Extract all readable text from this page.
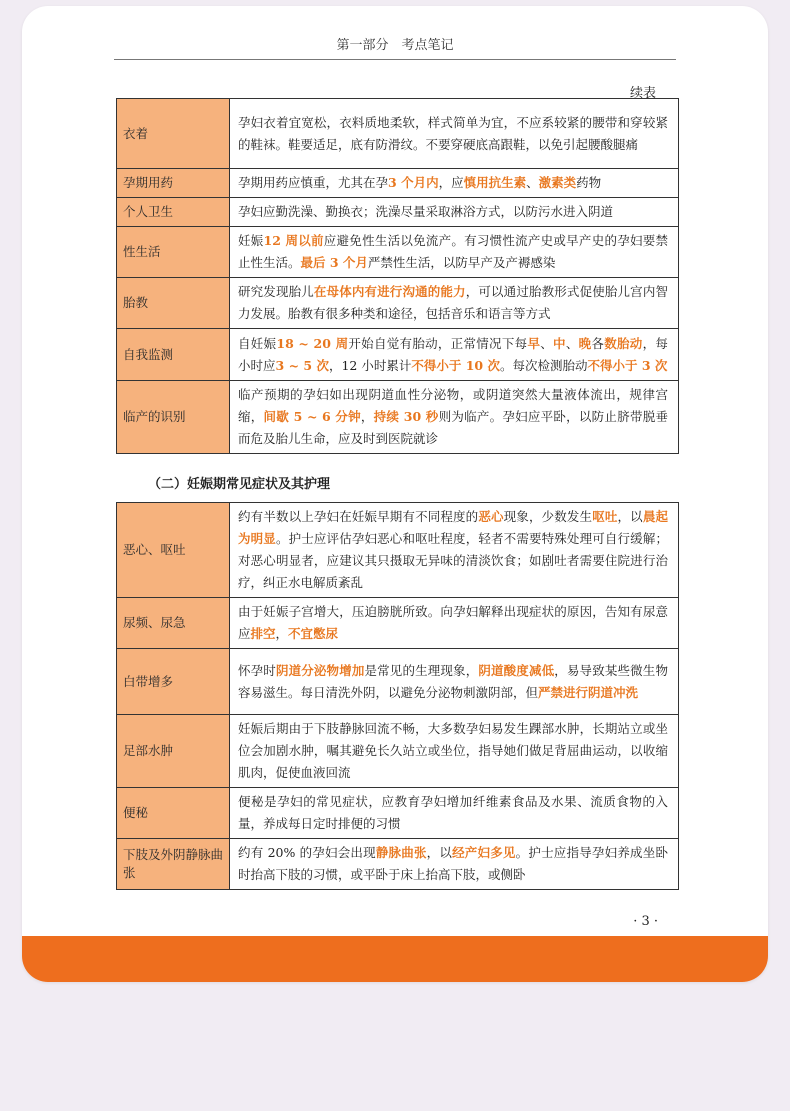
第一部分　考点笔记
续表
衣着	孕妇衣着宜宽松，衣料质地柔软，样式简单为宜，不应系较紧的腰带和穿较紧的鞋袜。鞋要适足，底有防滑纹。不要穿硬底高跟鞋，以免引起腰酸腿痛
孕期用药	孕期用药应慎重，尤其在孕3 个月内，应慎用抗生素、激素类药物
个人卫生	孕妇应勤洗澡、勤换衣；洗澡尽量采取淋浴方式，以防污水进入阴道
性生活	妊娠12 周以前应避免性生活以免流产。有习惯性流产史或早产史的孕妇要禁止性生活。最后 3 个月严禁性生活，以防早产及产褥感染
胎教	研究发现胎儿在母体内有进行沟通的能力，可以通过胎教形式促使胎儿宫内智力发展。胎教有很多种类和途径，包括音乐和语言等方式
自我监测	自妊娠18 ~ 20 周开始自觉有胎动，正常情况下每早、中、晚各数胎动，每小时应3 ~ 5 次，12 小时累计不得小于 10 次。每次检测胎动不得小于 3 次
临产的识别	临产预期的孕妇如出现阴道血性分泌物，或阴道突然大量液体流出，规律宫缩，间歇 5 ~ 6 分钟，持续 30 秒则为临产。孕妇应平卧，以防止脐带脱垂而危及胎儿生命，应及时到医院就诊
（二）妊娠期常见症状及其护理
恶心、呕吐	约有半数以上孕妇在妊娠早期有不同程度的恶心现象，少数发生呕吐，以晨起为明显。护士应评估孕妇恶心和呕吐程度，轻者不需要特殊处理可自行缓解；对恶心明显者，应建议其只摄取无异味的清淡饮食；如剧吐者需要住院进行治疗，纠正水电解质紊乱
尿频、尿急	由于妊娠子宫增大，压迫膀胱所致。向孕妇解释出现症状的原因，告知有尿意应排空，不宜憋尿
白带增多	怀孕时阴道分泌物增加是常见的生理现象，阴道酸度减低，易导致某些微生物容易滋生。每日清洗外阴，以避免分泌物刺激阴部，但严禁进行阴道冲洗
足部水肿	妊娠后期由于下肢静脉回流不畅，大多数孕妇易发生踝部水肿，长期站立或坐位会加剧水肿，嘱其避免长久站立或坐位，指导她们做足背屈曲运动，以收缩肌肉，促使血液回流
便秘	便秘是孕妇的常见症状，应教育孕妇增加纤维素食品及水果、流质食物的入量，养成每日定时排便的习惯
下肢及外阴静脉曲张	约有 20% 的孕妇会出现静脉曲张，以经产妇多见。护士应指导孕妇养成坐卧时抬高下肢的习惯，或平卧于床上抬高下肢，或侧卧
· 3 ·
